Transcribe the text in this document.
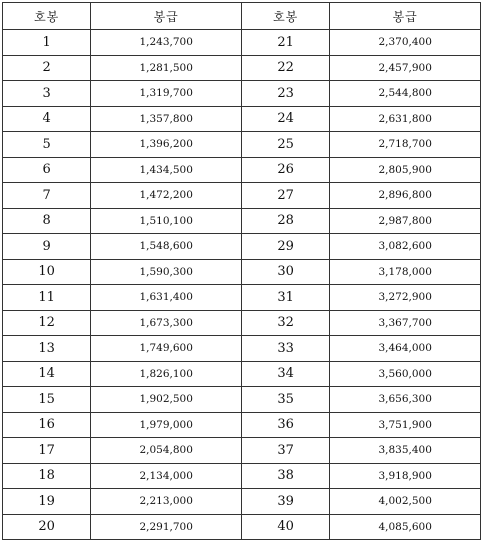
호봉	봉급	호봉	봉급
1	1,243,700	21	2,370,400
2	1,281,500	22	2,457,900
3	1,319,700	23	2,544,800
4	1,357,800	24	2,631,800
5	1,396,200	25	2,718,700
6	1,434,500	26	2,805,900
7	1,472,200	27	2,896,800
8	1,510,100	28	2,987,800
9	1,548,600	29	3,082,600
10	1,590,300	30	3,178,000
11	1,631,400	31	3,272,900
12	1,673,300	32	3,367,700
13	1,749,600	33	3,464,000
14	1,826,100	34	3,560,000
15	1,902,500	35	3,656,300
16	1,979,000	36	3,751,900
17	2,054,800	37	3,835,400
18	2,134,000	38	3,918,900
19	2,213,000	39	4,002,500
20	2,291,700	40	4,085,600
